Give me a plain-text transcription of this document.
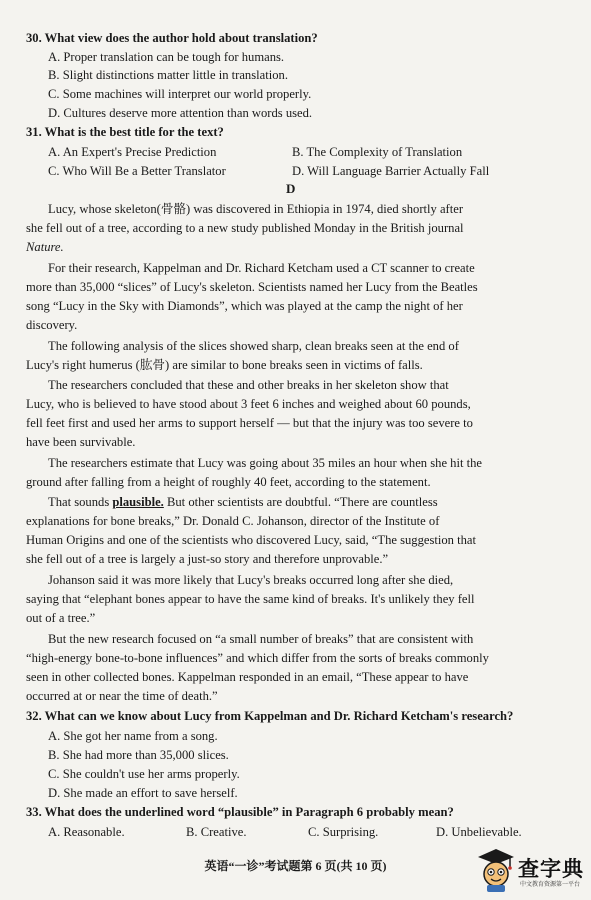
30. What view does the author hold about translation?
A. Proper translation can be tough for humans.
B. Slight distinctions matter little in translation.
C. Some machines will interpret our world properly.
D. Cultures deserve more attention than words used.
31. What is the best title for the text?
A. An Expert's Precise Prediction	B. The Complexity of Translation
C. Who Will Be a Better Translator	D. Will Language Barrier Actually Fall
D
Lucy, whose skeleton(骨骼) was discovered in Ethiopia in 1974, died shortly after
she fell out of a tree, according to a new study published Monday in the British journal
Nature.
For their research, Kappelman and Dr. Richard Ketcham used a CT scanner to create
more than 35,000 “slices” of Lucy's skeleton. Scientists named her Lucy from the Beatles
song “Lucy in the Sky with Diamonds”, which was played at the camp the night of her
discovery.
The following analysis of the slices showed sharp, clean breaks seen at the end of
Lucy's right humerus (肱骨) are similar to bone breaks seen in victims of falls.
The researchers concluded that these and other breaks in her skeleton show that
Lucy, who is believed to have stood about 3 feet 6 inches and weighed about 60 pounds,
fell feet first and used her arms to support herself — but that the injury was too severe to
have been survivable.
The researchers estimate that Lucy was going about 35 miles an hour when she hit the
ground after falling from a height of roughly 40 feet, according to the statement.
That sounds plausible. But other scientists are doubtful. “There are countless
explanations for bone breaks,” Dr. Donald C. Johanson, director of the Institute of
Human Origins and one of the scientists who discovered Lucy, said, “The suggestion that
she fell out of a tree is largely a just-so story and therefore unprovable.”
Johanson said it was more likely that Lucy's breaks occurred long after she died,
saying that “elephant bones appear to have the same kind of breaks. It's unlikely they fell
out of a tree.”
But the new research focused on “a small number of breaks” that are consistent with
“high-energy bone-to-bone influences” and which differ from the sorts of breaks commonly
seen in other collected bones. Kappelman responded in an email, “These appear to have
occurred at or near the time of death.”
32. What can we know about Lucy from Kappelman and Dr. Richard Ketcham's research?
A. She got her name from a song.
B. She had more than 35,000 slices.
C. She couldn't use her arms properly.
D. She made an effort to save herself.
33. What does the underlined word “plausible” in Paragraph 6 probably mean?
A. Reasonable.	B. Creative.	C. Surprising.	D. Unbelievable.
英语“一诊”考试题第 6 页(共 10 页)	查字典
中文教育资源第一平台
